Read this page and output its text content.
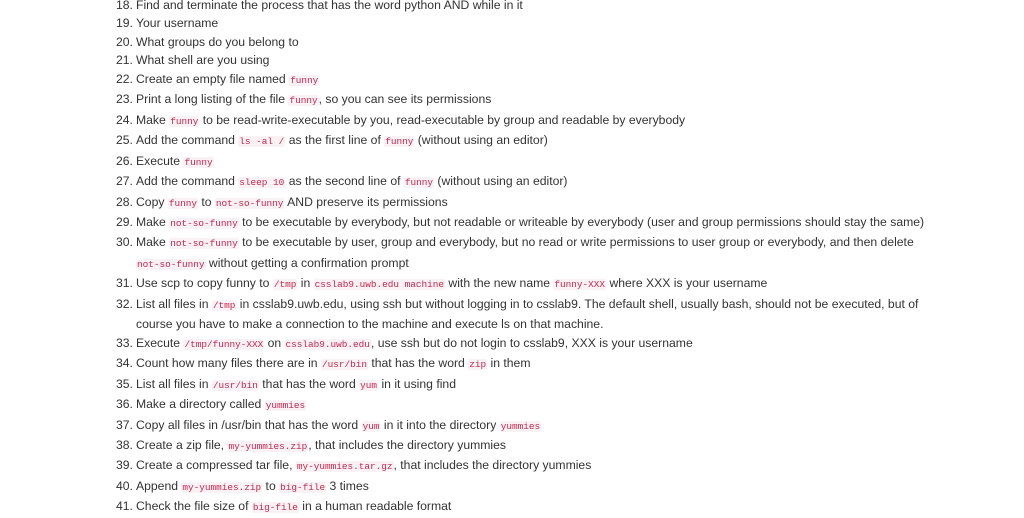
18. Find and terminate the process that has the word python AND while in it
19. Your username
20. What groups do you belong to
21. What shell are you using
22. Create an empty file named funny
23. Print a long listing of the file funny, so you can see its permissions
24. Make funny to be read-write-executable by you, read-executable by group and readable by everybody
25. Add the command ls -al / as the first line of funny (without using an editor)
26. Execute funny
27. Add the command sleep 10 as the second line of funny (without using an editor)
28. Copy funny to not-so-funny AND preserve its permissions
29. Make not-so-funny to be executable by everybody, but not readable or writeable by everybody (user and group permissions should stay the same)
30. Make not-so-funny to be executable by user, group and everybody, but no read or write permissions to user group or everybody, and then delete not-so-funny without getting a confirmation prompt
31. Use scp to copy funny to /tmp in csslab9.uwb.edu machine with the new name funny-XXX where XXX is your username
32. List all files in /tmp in csslab9.uwb.edu, using ssh but without logging in to csslab9. The default shell, usually bash, should not be executed, but of course you have to make a connection to the machine and execute ls on that machine.
33. Execute /tmp/funny-XXX on csslab9.uwb.edu, use ssh but do not login to csslab9, XXX is your username
34. Count how many files there are in /usr/bin that has the word zip in them
35. List all files in /usr/bin that has the word yum in it using find
36. Make a directory called yummies
37. Copy all files in /usr/bin that has the word yum in it into the directory yummies
38. Create a zip file, my-yummies.zip, that includes the directory yummies
39. Create a compressed tar file, my-yummies.tar.gz, that includes the directory yummies
40. Append my-yummies.zip to big-file 3 times
41. Check the file size of big-file in a human readable format
